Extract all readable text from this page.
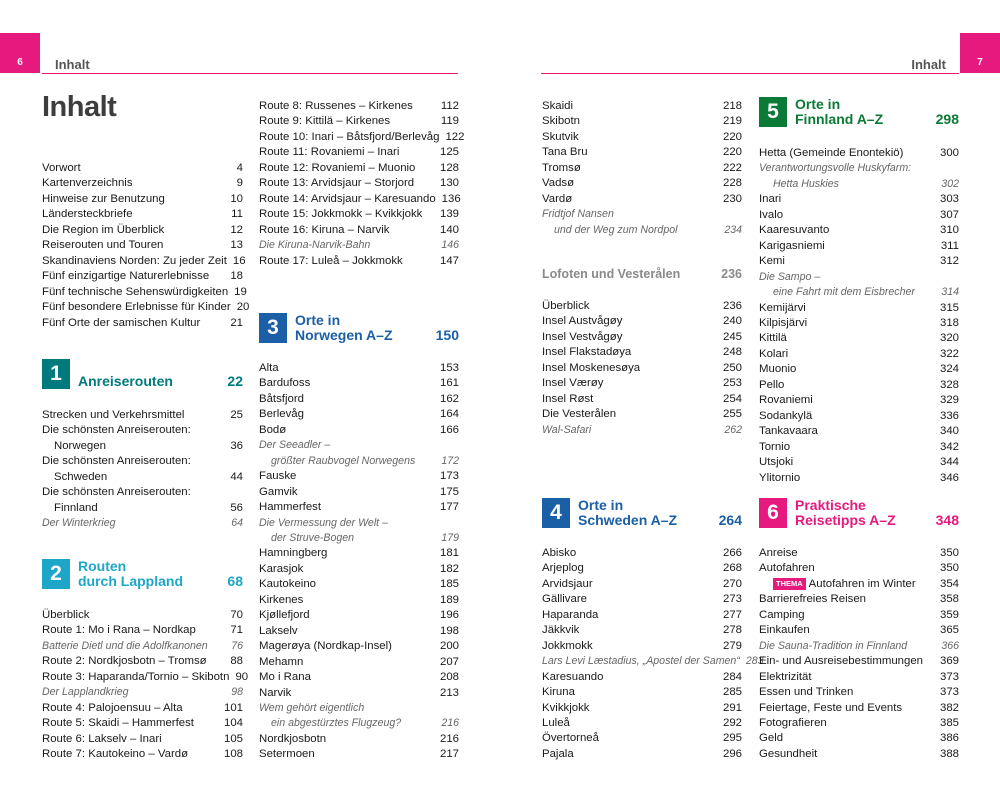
6	Inhalt	7
Inhalt
Inhalt
Vorwort	4
Kartenverzeichnis	9
Hinweise zur Benutzung	10
Ländersteckbriefe	11
Die Region im Überblick	12
Reiserouten und Touren	13
Skandinaviens Norden: Zu jeder Zeit 16
Fünf einzigartige Naturerlebnisse	18
Fünf technische Sehenswürdigkeiten 19
Fünf besondere Erlebnisse für Kinder 20
Fünf Orte der samischen Kultur	21
1	Anreiserouten	22
Strecken und Verkehrsmittel	25
Die schönsten Anreiserouten:
Norwegen	36
Die schönsten Anreiserouten:
Schweden	44
Die schönsten Anreiserouten:
Finnland	56
Der Winterkrieg	64
2	Routen
durch Lappland	68
Überblick	70
Route 1: Mo i Rana – Nordkap	71
Batterie Dietl und die Adolfkanonen	76
Route 2: Nordkjosbotn – Tromsø	88
Route 3: Haparanda/Tornio – Skibotn 90
Der Lapplandkrieg	98
Route 4: Palojoensuu – Alta	101
Route 5: Skaidi – Hammerfest	104
Route 6: Lakselv – Inari	105
Route 7: Kautokeino – Vardø	108
Route 8: Russenes – Kirkenes	112
Route 9: Kittilä – Kirkenes	119
Route 10: Inari – Båtsfjord/Berlevåg 122
Route 11: Rovaniemi – Inari	125
Route 12: Rovaniemi – Muonio	128
Route 13: Arvidsjaur – Storjord	130
Route 14: Arvidsjaur – Karesuando 136
Route 15: Jokkmokk – Kvikkjokk	139
Route 16: Kiruna – Narvik	140
Die Kiruna-Narvik-Bahn	146
Route 17: Luleå – Jokkmokk	147
3	Orte in
Norwegen A–Z	150
Alta	153
Bardufoss	161
Båtsfjord	162
Berlevåg	164
Bodø	166
Der Seeadler –
größter Raubvogel Norwegens	172
Fauske	173
Gamvik	175
Hammerfest	177
Die Vermessung der Welt –
der Struve-Bogen	179
Hamningberg	181
Karasjok	182
Kautokeino	185
Kirkenes	189
Kjøllefjord	196
Lakselv	198
Magerøya (Nordkap-Insel)	200
Mehamn	207
Mo i Rana	208
Narvik	213
Wem gehört eigentlich
ein abgestürztes Flugzeug?	216
Nordkjosbotn	216
Setermoen	217
Skaidi	218
Skibotn	219
Skutvik	220
Tana Bru	220
Tromsø	222
Vadsø	228
Vardø	230
Fridtjof Nansen
und der Weg zum Nordpol	234
Lofoten und Vesterålen	236
Überblick	236
Insel Austvågøy	240
Insel Vestvågøy	245
Insel Flakstadøya	248
Insel Moskenesøya	250
Insel Værøy	253
Insel Røst	254
Die Vesterålen	255
Wal-Safari	262
4	Orte in
Schweden A–Z	264
Abisko	266
Arjeplog	268
Arvidsjaur	270
Gällivare	273
Haparanda	277
Jäkkvik	278
Jokkmokk	279
Lars Levi Læstadius, „Apostel der Samen“ 283
Karesuando	284
Kiruna	285
Kvikkjokk	291
Luleå	292
Övertorneå	295
Pajala	296
5	Orte in
Finnland A–Z	298
Hetta (Gemeinde Enontekiö)	300
Verantwortungsvolle Huskyfarm:
Hetta Huskies	302
Inari	303
Ivalo	307
Kaaresuvanto	310
Karigasniemi	311
Kemi	312
Die Sampo –
eine Fahrt mit dem Eisbrecher	314
Kemijärvi	315
Kilpisjärvi	318
Kittilä	320
Kolari	322
Muonio	324
Pello	328
Rovaniemi	329
Sodankylä	336
Tankavaara	340
Tornio	342
Utsjoki	344
Ylitornio	346
6	Praktische
Reisetipps A–Z	348
Anreise	350
Autofahren	350
THEMA Autofahren im Winter	354
Barrierefreies Reisen	358
Camping	359
Einkaufen	365
Die Sauna-Tradition in Finnland	366
Ein- und Ausreisebestimmungen	369
Elektrizität	373
Essen und Trinken	373
Feiertage, Feste und Events	382
Fotografieren	385
Geld	386
Gesundheit	388
